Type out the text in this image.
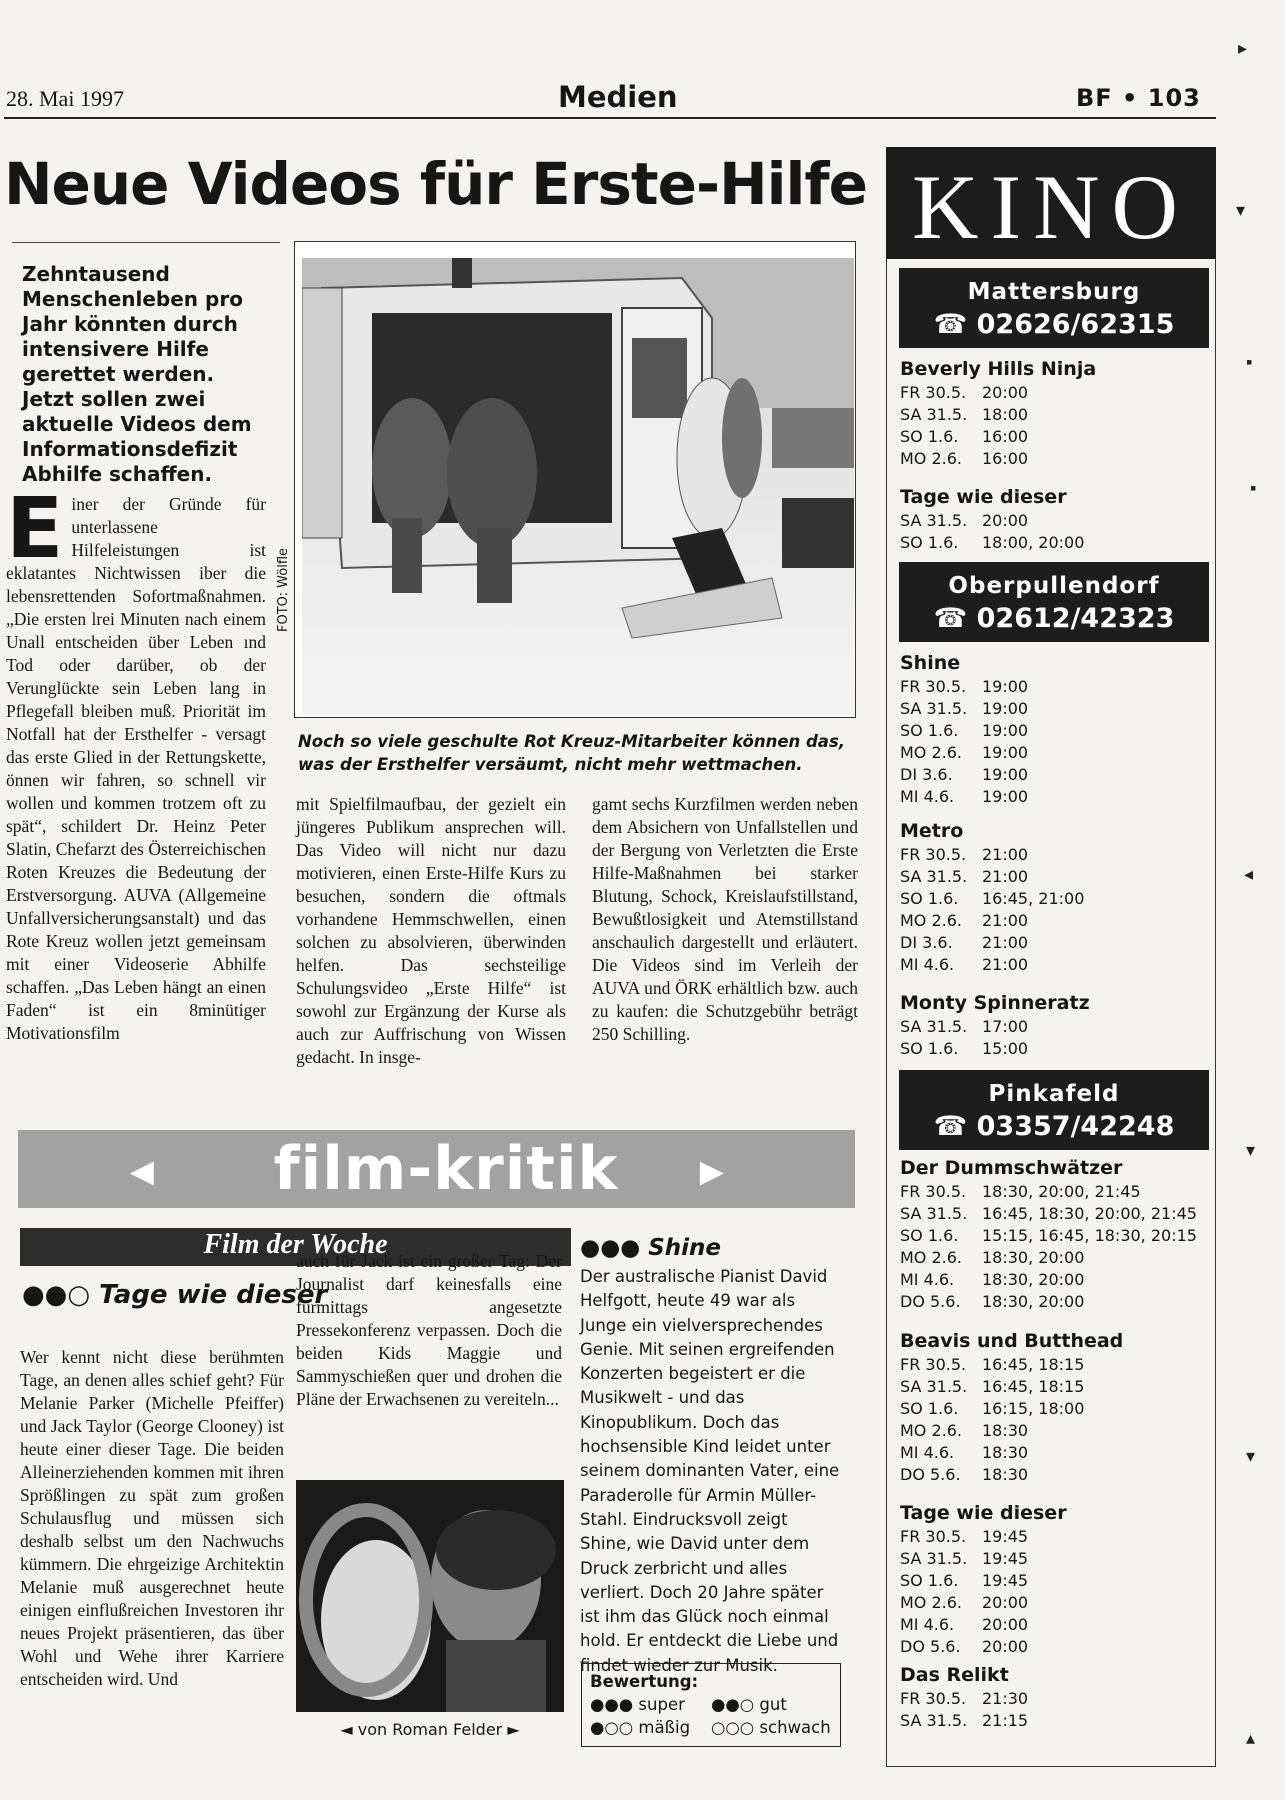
28. Mai 1997	Medien	BF • 103
Neue Videos für Erste-Hilfe
Zehntausend Menschenleben pro Jahr könnten durch intensivere Hilfe gerettet werden. Jetzt sollen zwei aktuelle Videos dem Informationsdefizit Abhilfe schaffen.
E iner der Gründe für unterlassene Hilfeleistungen ist eklatantes Nichtwissen iber die lebensrettenden Sofortmaßnahmen. „Die ersten lrei Minuten nach einem Unall entscheiden über Leben ınd Tod oder darüber, ob der Verunglückte sein Leben lang in Pflegefall bleiben muß. Priorität im Notfall hat der Ersthelfer - versagt das erste Glied in der Rettungskette, önnen wir fahren, so schnell vir wollen und kommen trotzem oft zu spät“, schildert Dr. Heinz Peter Slatin, Chefarzt des Österreichischen Roten Kreuzes die Bedeutung der Erstversorgung. AUVA (Allgemeine Unfallversicherungsanstalt) und das Rote Kreuz wollen jetzt gemeinsam mit einer Videoserie Abhilfe schaffen. „Das Leben hängt an einen Faden“ ist ein 8minütiger Motivationsfilm
FOTO: Wölfle
Noch so viele geschulte Rot Kreuz-Mitarbeiter können das, was der Ersthelfer versäumt, nicht mehr wettmachen.
mit Spielfilmaufbau, der gezielt ein jüngeres Publikum ansprechen will. Das Video will nicht nur dazu motivieren, einen Erste-Hilfe Kurs zu besuchen, sondern die oftmals vorhandene Hemmschwellen, einen solchen zu absolvieren, überwinden helfen. Das sechsteilige Schulungsvideo „Erste Hilfe“ ist sowohl zur Ergänzung der Kurse als auch zur Auffrischung von Wissen gedacht. In insge-
gamt sechs Kurzfilmen werden neben dem Absichern von Unfallstellen und der Bergung von Verletzten die Erste Hilfe-Maßnahmen bei starker Blutung, Schock, Kreislaufstillstand, Bewußtlosigkeit und Atemstillstand anschaulich dargestellt und erläutert. Die Videos sind im Verleih der AUVA und ÖRK erhältlich bzw. auch zu kaufen: die Schutzgebühr beträgt 250 Schilling.
◄ film-kritik	►
Film der Woche
●●○ Tage wie dieser
Wer kennt nicht diese berühmten Tage, an denen alles schief geht? Für Melanie Parker (Michelle Pfeiffer) und Jack Taylor (George Clooney) ist heute einer dieser Tage. Die beiden Alleinerziehenden kommen mit ihren Sprößlingen zu spät zum großen Schulausflug und müssen sich deshalb selbst um den Nachwuchs kümmern. Die ehrgeizige Architektin Melanie muß ausgerechnet heute einigen einflußreichen Investoren ihr neues Projekt präsentieren, das über Wohl und Wehe ihrer Karriere entscheiden wird. Und
auch für Jack ist ein großer Tag: Der Journalist darf keinesfalls eine fürmittags angesetzte Pressekonferenz verpassen. Doch die beiden Kids Maggie und Sammyschießen quer und drohen die Pläne der Erwachsenen zu vereiteln...
◄ von Roman Felder ►
●●● Shine
Der australische Pianist David Helfgott, heute 49 war als Junge ein vielversprechendes Genie. Mit seinen ergreifenden Konzerten begeistert er die Musikwelt - und das Kinopublikum. Doch das hochsensible Kind leidet unter seinem dominanten Vater, eine Paraderolle für Armin Müller-Stahl. Eindrucksvoll zeigt Shine, wie David unter dem Druck zerbricht und alles verliert. Doch 20 Jahre später ist ihm das Glück noch einmal hold. Er entdeckt die Liebe und findet wieder zur Musik.
Bewertung:
●●● super	●●○ gut
●○○ mäßig	○○○ schwach
KINO
Mattersburg
☎ 02626/62315
Beverly Hills Ninja
FR 30.5. 20:00
SA 31.5. 18:00
SO 1.6.	16:00
MO 2.6.	16:00
Tage wie dieser
SA 31.5. 20:00
SO 1.6.	18:00, 20:00
Oberpullendorf
☎ 02612/42323
Shine
FR 30.5. 19:00
SA 31.5. 19:00
SO 1.6.	19:00
MO 2.6.	19:00
DI 3.6.	19:00
MI 4.6.	19:00
Metro
FR 30.5. 21:00
SA 31.5. 21:00
SO 1.6.	16:45, 21:00
MO 2.6.	21:00
DI 3.6.	21:00
MI 4.6.	21:00
Monty Spinneratz
SA 31.5. 17:00
SO 1.6.	15:00
Pinkafeld
☎ 03357/42248
Der Dummschwätzer
FR 30.5. 18:30, 20:00, 21:45
SA 31.5. 16:45, 18:30, 20:00, 21:45
SO 1.6.	15:15, 16:45, 18:30, 20:15
MO 2.6.	18:30, 20:00
MI 4.6.	18:30, 20:00
DO 5.6.	18:30, 20:00
Beavis und Butthead
FR 30.5. 16:45, 18:15
SA 31.5. 16:45, 18:15
SO 1.6.	16:15, 18:00
MO 2.6.	18:30
MI 4.6.	18:30
DO 5.6.	18:30
Tage wie dieser
FR 30.5. 19:45
SA 31.5. 19:45
SO 1.6.	19:45
MO 2.6.	20:00
MI 4.6.	20:00
DO 5.6.	20:00
Das Relikt
FR 30.5. 21:30
SA 31.5. 21:15
▸
▾
▪
▪
◂
▾
▾
▴
